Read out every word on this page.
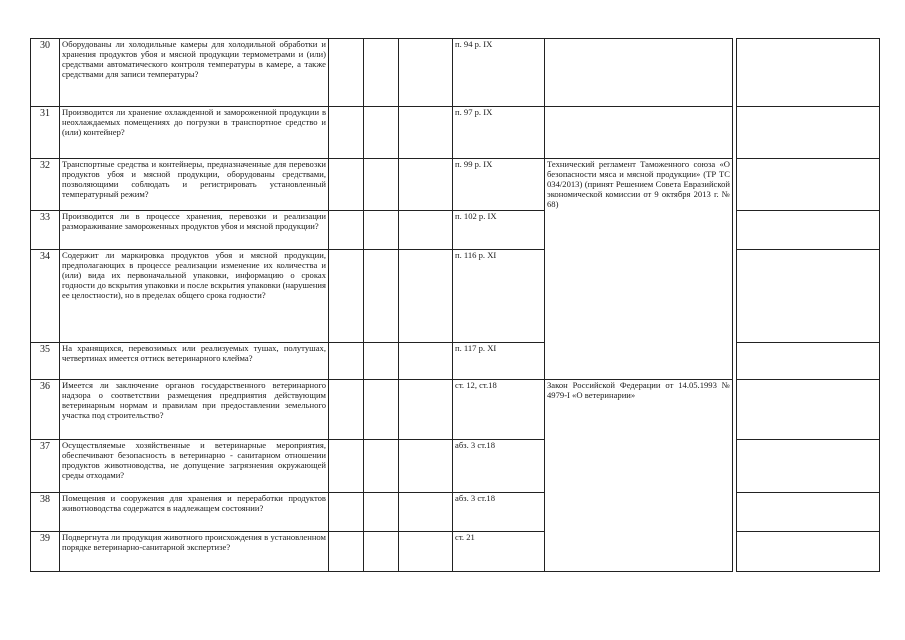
30	Оборудованы ли холодильные камеры для холодильной обработки и хранения продуктов убоя и мясной продукции термометрами и (или) средствами автоматического контроля температуры в камере, а также средствами для записи температуры?				п. 94 р. IX			
31	Производится ли хранение охлажденной и замороженной продукции в неохлаждаемых помещениях до погрузки в транспортное средство и (или) контейнер?				п. 97 р. IX			
32	Транспортные средства и контейнеры, предназначенные для перевозки продуктов убоя и мясной продукции, оборудованы средствами, позволяющими соблюдать и регистрировать установленный температурный режим?				п. 99 р. IX	Технический регламент Таможенного союза «О безопасности мяса и мясной продукции» (ТР ТС 034/2013) (принят Решением Совета Евразийской экономической комиссии от 9 октября 2013 г. № 68)		
33	Производится ли в процессе хранения, перевозки и реализации размораживание замороженных продуктов убоя и мясной продукции?				п. 102 р. IX			
34	Содержит ли маркировка продуктов убоя и мясной продукции, предполагающих в процессе реализации изменение их количества и (или) вида их первоначальной упаковки, информацию о сроках годности до вскрытия упаковки и после вскрытия упаковки (нарушения ее целостности), но в пределах общего срока годности?				п. 116 р. XI			
35	На хранящихся, перевозимых или реализуемых тушах, полутушах, четвертинах имеется оттиск ветеринарного клейма?				п. 117 р. XI			
36	Имеется ли заключение органов государственного ветеринарного надзора о соответствии размещения предприятия действующим ветеринарным нормам и правилам при предоставлении земельного участка под строительство?				ст. 12, ст.18	Закон Российской Федерации от 14.05.1993 № 4979-I «О ветеринарии»		
37	Осуществляемые хозяйственные и ветеринарные мероприятия, обеспечивают безопасность в ветеринарно - санитарном отношении продуктов животноводства, не допущение загрязнения окружающей среды отходами?				абз. 3 ст.18			
38	Помещения и сооружения для хранения и переработки продуктов животноводства содержатся в надлежащем состоянии?				абз. 3 ст.18			
39	Подвергнута ли продукция животного происхождения в установленном порядке ветеринарно-санитарной экспертизе?				ст. 21			
